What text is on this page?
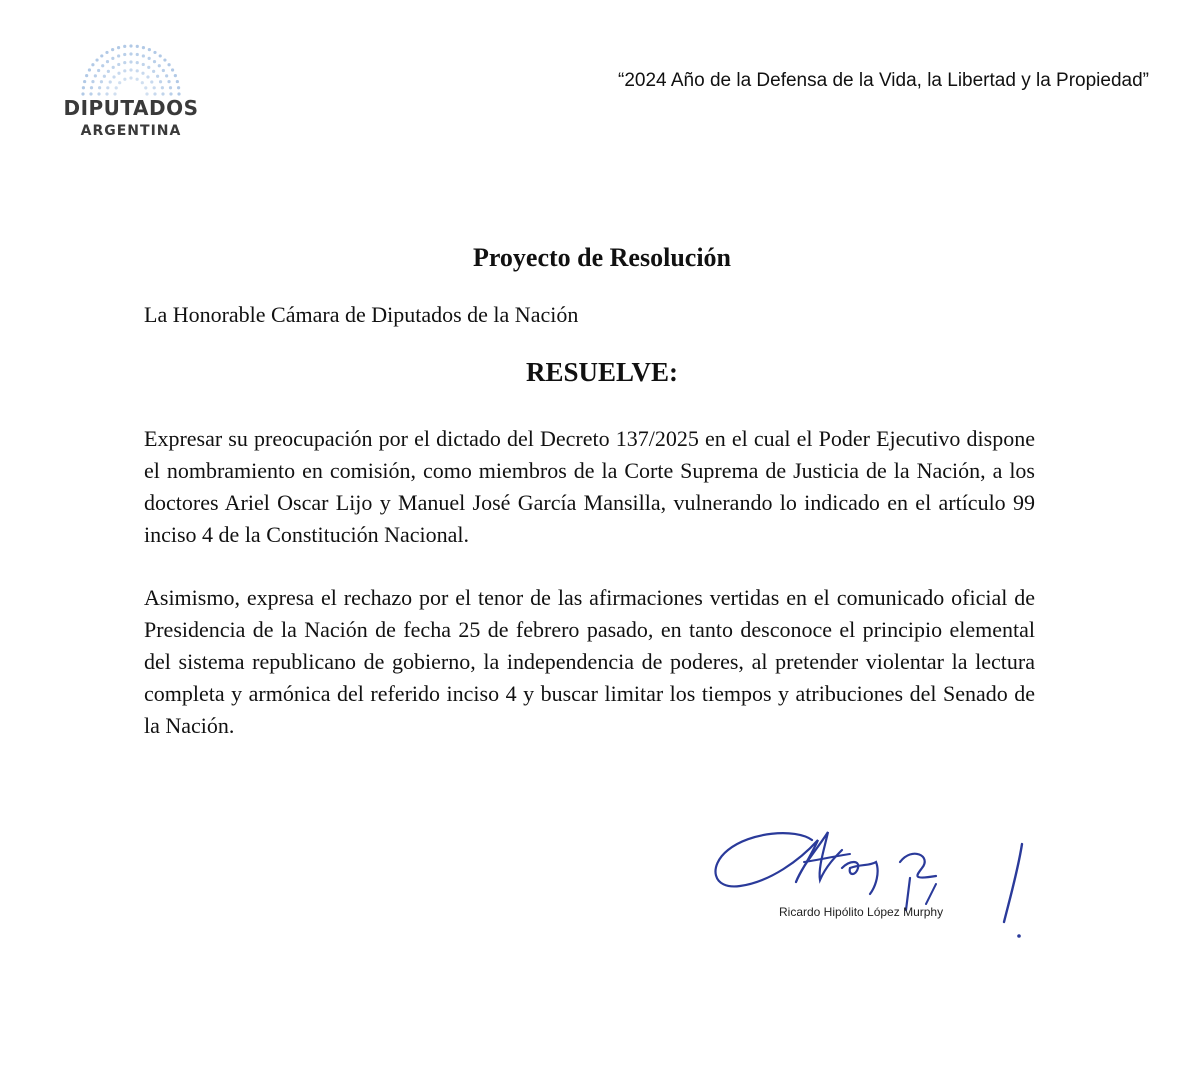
DIPUTADOS
ARGENTINA
“2024 Año de la Defensa de la Vida, la Libertad y la Propiedad”
Proyecto de Resolución
La Honorable Cámara de Diputados de la Nación
RESUELVE:

Expresar su preocupación por el dictado del Decreto 137/2025 en el cual el Poder Ejecutivo dispone el nombramiento en comisión, como miembros de la Corte Suprema de Justicia de la Nación, a los doctores Ariel Oscar Lijo y Manuel José García Mansilla, vulnerando lo indicado en el artículo 99 inciso 4 de la Constitución Nacional.

Asimismo, expresa el rechazo por el tenor de las afirmaciones vertidas en el comunicado oficial de Presidencia de la Nación de fecha 25 de febrero pasado, en tanto desconoce el principio elemental del sistema republicano de gobierno, la independencia de poderes, al pretender violentar la lectura completa y armónica del referido inciso 4 y buscar limitar los tiempos y atribuciones del Senado de la Nación.

Ricardo Hipólito López Murphy
